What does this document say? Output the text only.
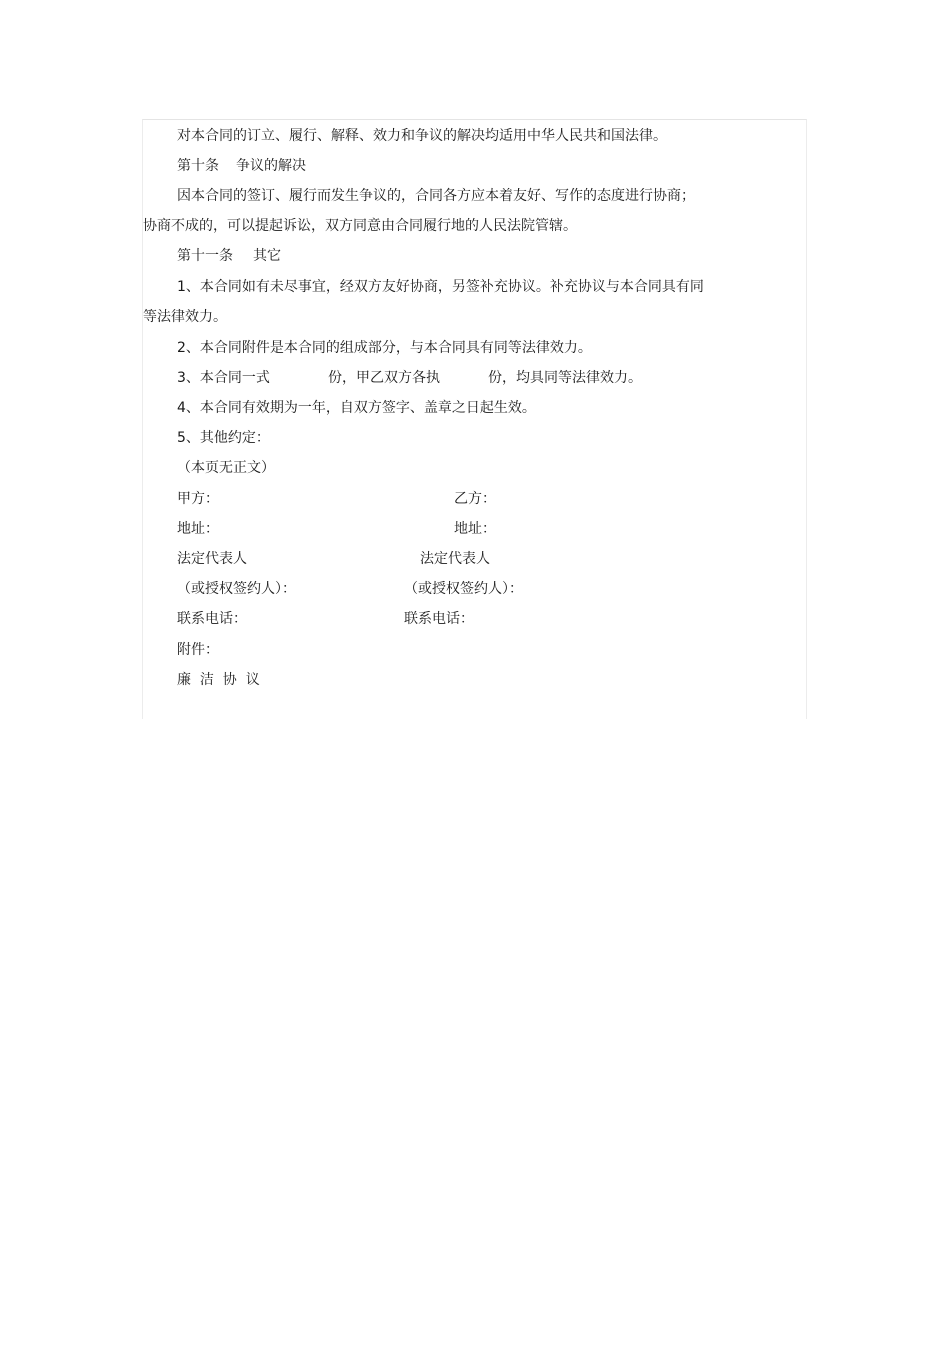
对本合同的订立、履行、解释、效力和争议的解决均适用中华人民共和国法律。
第十条 争议的解决
因本合同的签订、履行而发生争议的，合同各方应本着友好、写作的态度进行协商；
协商不成的，可以提起诉讼，双方同意由合同履行地的人民法院管辖。
第十一条 其它
1、本合同如有未尽事宜，经双方友好协商，另签补充协议。补充协议与本合同具有同
等法律效力。
2、本合同附件是本合同的组成部分，与本合同具有同等法律效力。
3、本合同一式	份，甲乙双方各执	份，均具同等法律效力。
4、本合同有效期为一年，自双方签字、盖章之日起生效。
5、其他约定：
（本页无正文）
甲方：	乙方：
地址：	地址：
法定代表人	法定代表人
（或授权签约人）：	（或授权签约人）：
联系电话：	联系电话：
附件：
廉  洁  协  议
